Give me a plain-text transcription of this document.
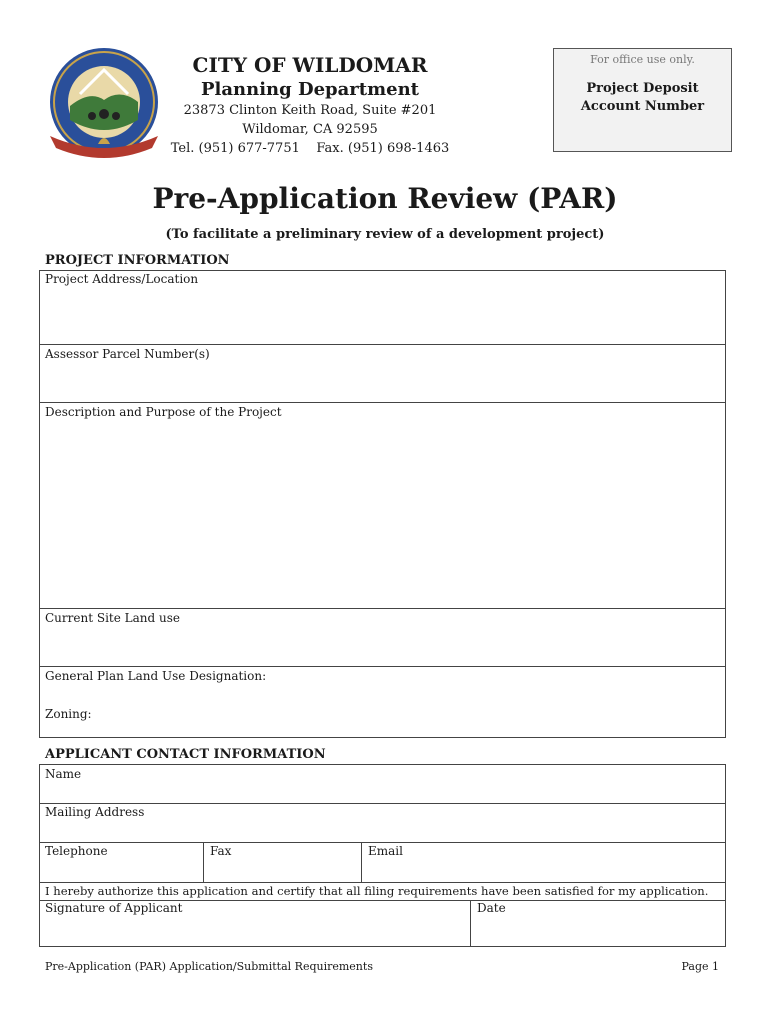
CITY OF WILDOMAR
Planning Department
23873 Clinton Keith Road, Suite #201
Wildomar, CA 92595
Tel. (951) 677-7751    Fax. (951) 698-1463
For office use only.
Project Deposit
Account Number
Pre-Application Review (PAR)
(To facilitate a preliminary review of a development project)
PROJECT INFORMATION
Project Address/Location
Assessor Parcel Number(s)
Description and Purpose of the Project
Current Site Land use
General Plan Land Use Designation:
Zoning:
APPLICANT CONTACT INFORMATION
Name
Mailing Address
Telephone	Fax	Email
I hereby authorize this application and certify that all filing requirements have been satisfied for my application.
Signature of Applicant	Date
Pre-Application (PAR) Application/Submittal Requirements	Page 1
